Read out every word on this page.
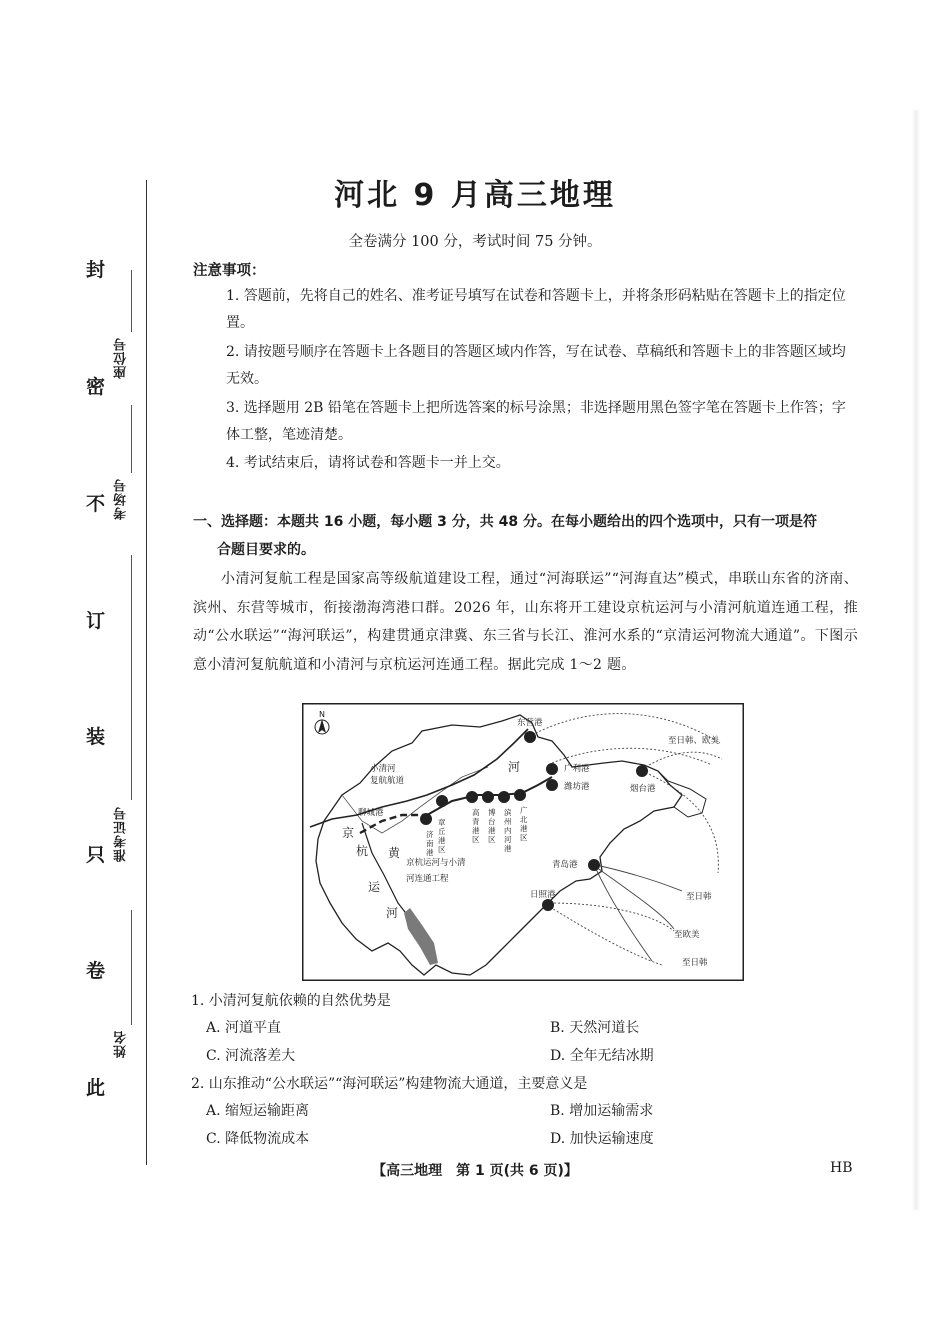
封
密
不
订
装
只
卷
此
座位号
考场号
准考证号
姓名
河北 9 月高三地理
全卷满分 100 分，考试时间 75 分钟。
注意事项：

1. 答题前，先将自己的姓名、准考证号填写在试卷和答题卡上，并将条形码粘贴在答题卡上的指定位置。

2. 请按题号顺序在答题卡上各题目的答题区域内作答，写在试卷、草稿纸和答题卡上的非答题区域均无效。

3. 选择题用 2B 铅笔在答题卡上把所选答案的标号涂黑；非选择题用黑色签字笔在答题卡上作答；字体工整，笔迹清楚。

4. 考试结束后，请将试卷和答题卡一并上交。

一、选择题：本题共 16 小题，每小题 3 分，共 48 分。在每小题给出的四个选项中，只有一项是符
合题目要求的。

小清河复航工程是国家高等级航道建设工程，通过“河海联运”“河海直达”模式，串联山东省的济南、滨州、东营等城市，衔接渤海湾港口群。2026 年，山东将开工建设京杭运河与小清河航道连通工程，推动“公水联运”“海河联运”，构建贯通京津冀、东三省与长江、淮河水系的“京清运河物流大通道”。下图示意小清河复航航道和小清河与京杭运河连通工程。据此完成 1～2 题。

N
东营港
广利港
潍坊港	烟台港
青岛港
日照港
聊城港
小清河
复航航道
河
京
杭
运
河
黄
京杭运河与小清
河连通工程
章丘港区
济南港
高青港区
博台港区
滨州内河港
广北港区
至日韩、欧美
至日韩
至欧美
至日韩
1. 小清河复航依赖的自然优势是
A. 河道平直	B. 天然河道长
C. 河流落差大	D. 全年无结冰期
2. 山东推动“公水联运”“海河联运”构建物流大通道，主要意义是
A. 缩短运输距离	B. 增加运输需求
C. 降低物流成本	D. 加快运输速度
【高三地理　第 1 页(共 6 页)】	HB
